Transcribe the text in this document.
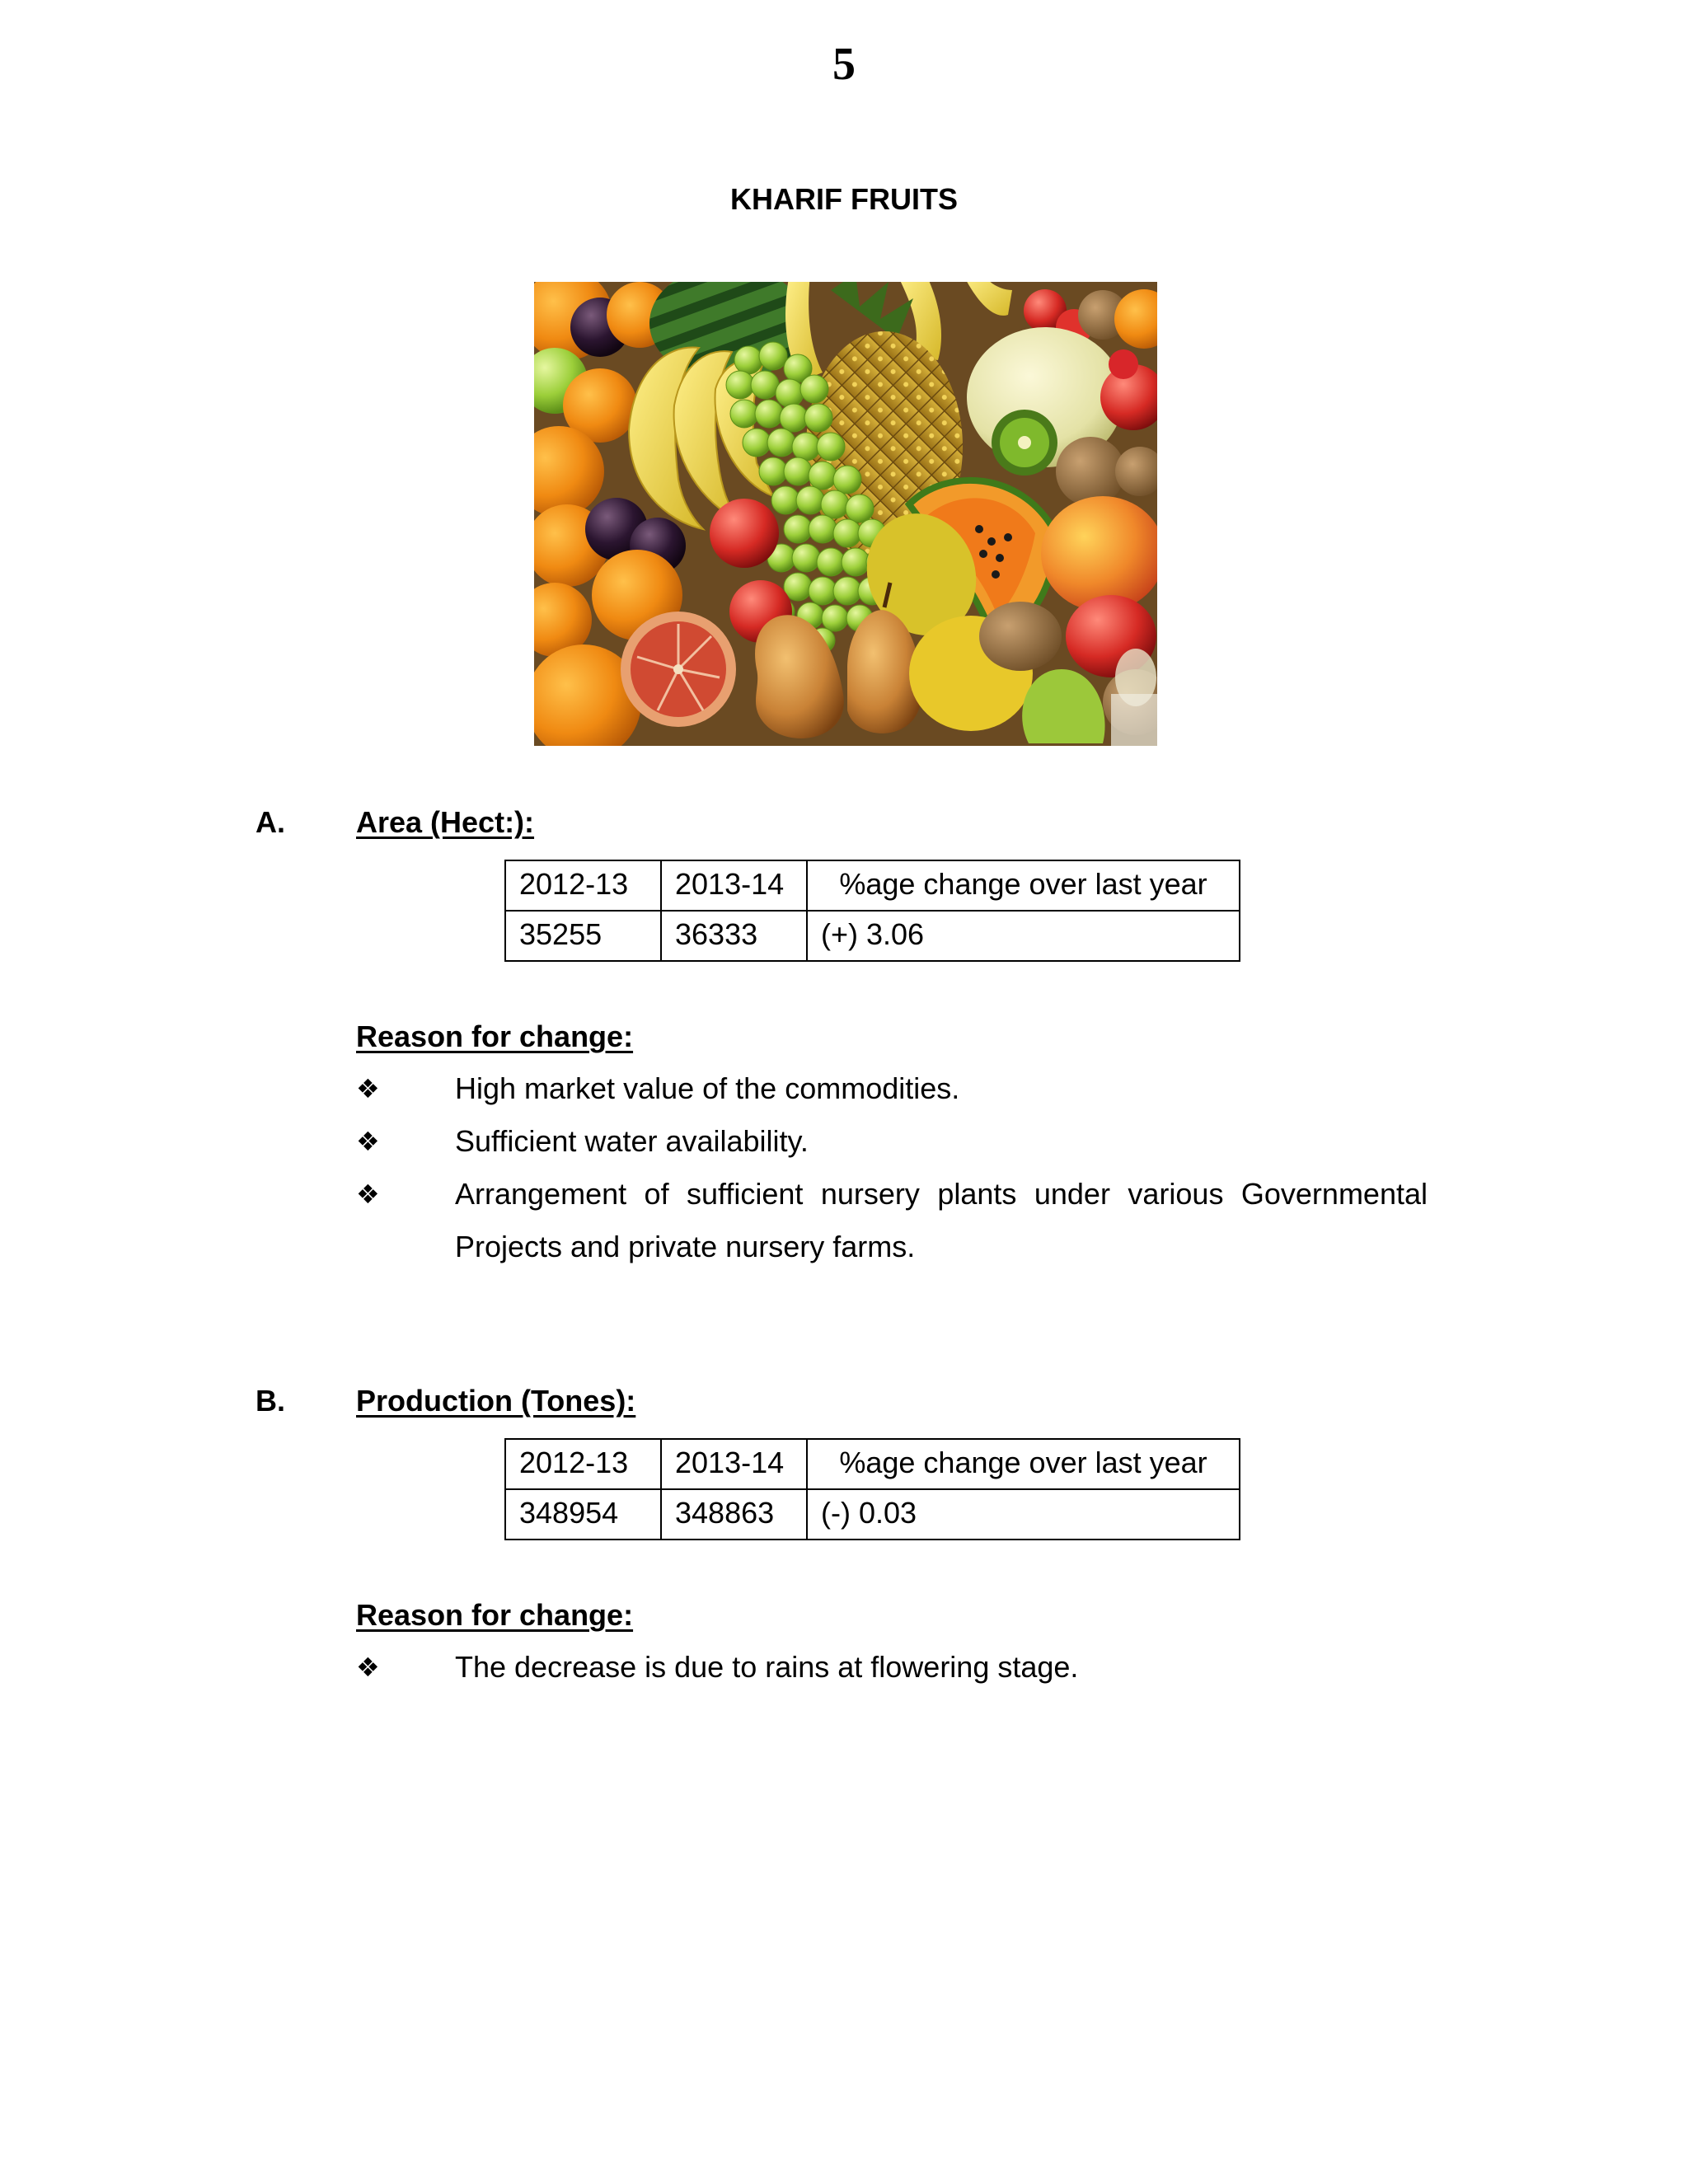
5
KHARIF FRUITS
A. Area (Hect:):
2012-13	2013-14	%age change over last year
35255	36333	(+) 3.06
Reason for change:
❖	High market value of the commodities.
❖	Sufficient water availability.
❖	Arrangement of sufficient nursery plants under various Governmental Projects and private nursery farms.
B. Production (Tones):
2012-13	2013-14	%age change over last year
348954	348863	(-) 0.03
Reason for change:
❖	The decrease is due to rains at flowering stage.
